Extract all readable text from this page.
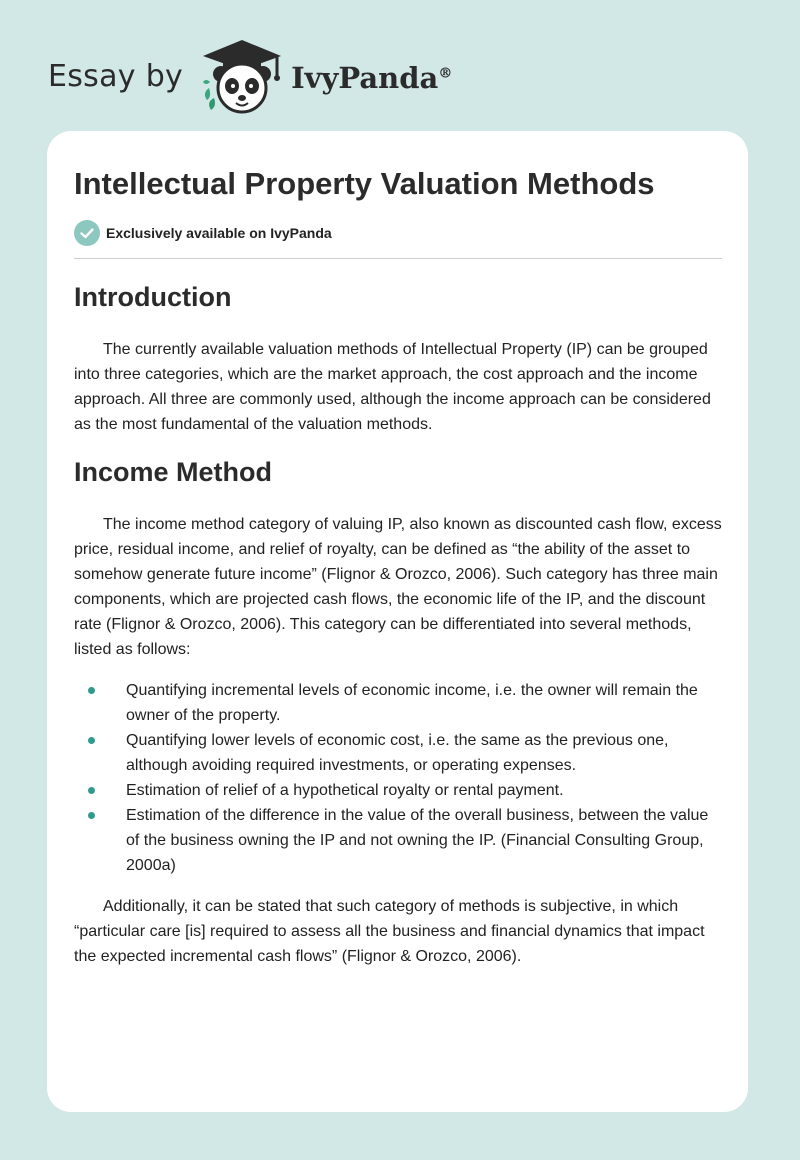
Essay by	IvyPanda®
Intellectual Property Valuation Methods
Exclusively available on IvyPanda
Introduction

The currently available valuation methods of Intellectual Property (IP) can be grouped into three categories, which are the market approach, the cost approach and the income approach. All three are commonly used, although the income approach can be considered as the most fundamental of the valuation methods.

Income Method

The income method category of valuing IP, also known as discounted cash flow, excess price, residual income, and relief of royalty, can be defined as “the ability of the asset to somehow generate future income” (Flignor & Orozco, 2006). Such category has three main components, which are projected cash flows, the economic life of the IP, and the discount rate (Flignor & Orozco, 2006). This category can be differentiated into several methods, listed as follows:

Quantifying incremental levels of economic income, i.e. the owner will remain the owner of the property.
Quantifying lower levels of economic cost, i.e. the same as the previous one, although avoiding required investments, or operating expenses.
Estimation of relief of a hypothetical royalty or rental payment.
Estimation of the difference in the value of the overall business, between the value of the business owning the IP and not owning the IP. (Financial Consulting Group, 2000a)

Additionally, it can be stated that such category of methods is subjective, in which “particular care [is] required to assess all the business and financial dynamics that impact the expected incremental cash flows” (Flignor & Orozco, 2006).
